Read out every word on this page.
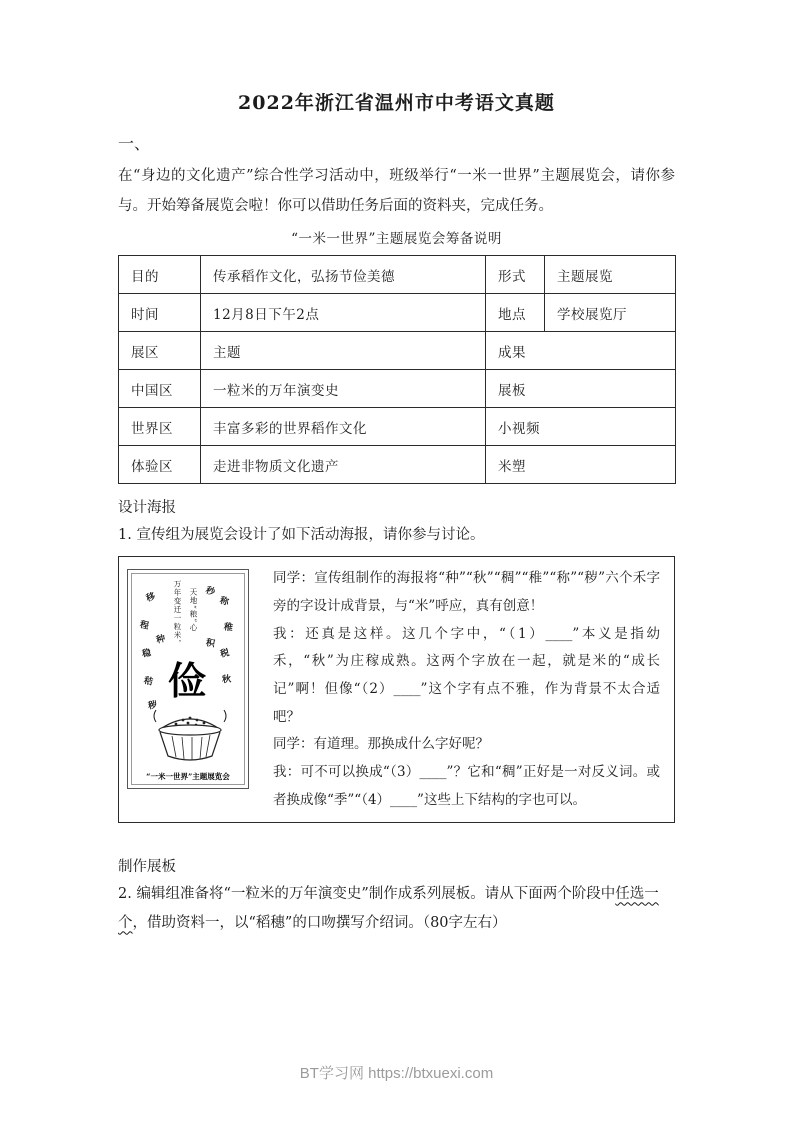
2022年浙江省温州市中考语文真题
一、

在“身边的文化遗产”综合性学习活动中，班级举行“一米一世界”主题展览会，请你参与。开始筹备展览会啦！你可以借助任务后面的资料夹，完成任务。

“一米一世界”主题展览会筹备说明
目的	传承稻作文化，弘扬节俭美德	形式	主题展览
时间	12月8日下午2点	地点	学校展览厅
展区	主题	成果	
中国区	一粒米的万年演变史	展板	
世界区	丰富多彩的世界稻作文化	小视频	
体验区	走进非物质文化遗产	米塑	
设计海报
1. 宣传组为展览会设计了如下活动海报，请你参与讨论。
万年变迁一粒米， 天地“粮”心 称
移
稚
税
程
稳
秸	秋
秒
种	积
秽
俭
“一米一世界”主题展览会

同学：宣传组制作的海报将“种”“秋”“稠”“稚”“称”“秽”六个禾字旁的字设计成背景，与“米”呼应，真有创意！

我：还真是这样。这几个字中，“（1）____”本义是指幼禾，“秋”为庄稼成熟。这两个字放在一起，就是米的“成长记”啊！但像“（2）____”这个字有点不雅，作为背景不太合适吧？

同学：有道理。那换成什么字好呢？

我：可不可以换成“（3）____”？它和“稠”正好是一对反义词。或者换成像“季”“（4）____”这些上下结构的字也可以。

制作展板
2. 编辑组准备将“一粒米的万年演变史”制作成系列展板。请从下面两个阶段中任选一个，借助资料一，以“稻穗”的口吻撰写介绍词。（80字左右）
BT学习网 https://btxuexi.com
